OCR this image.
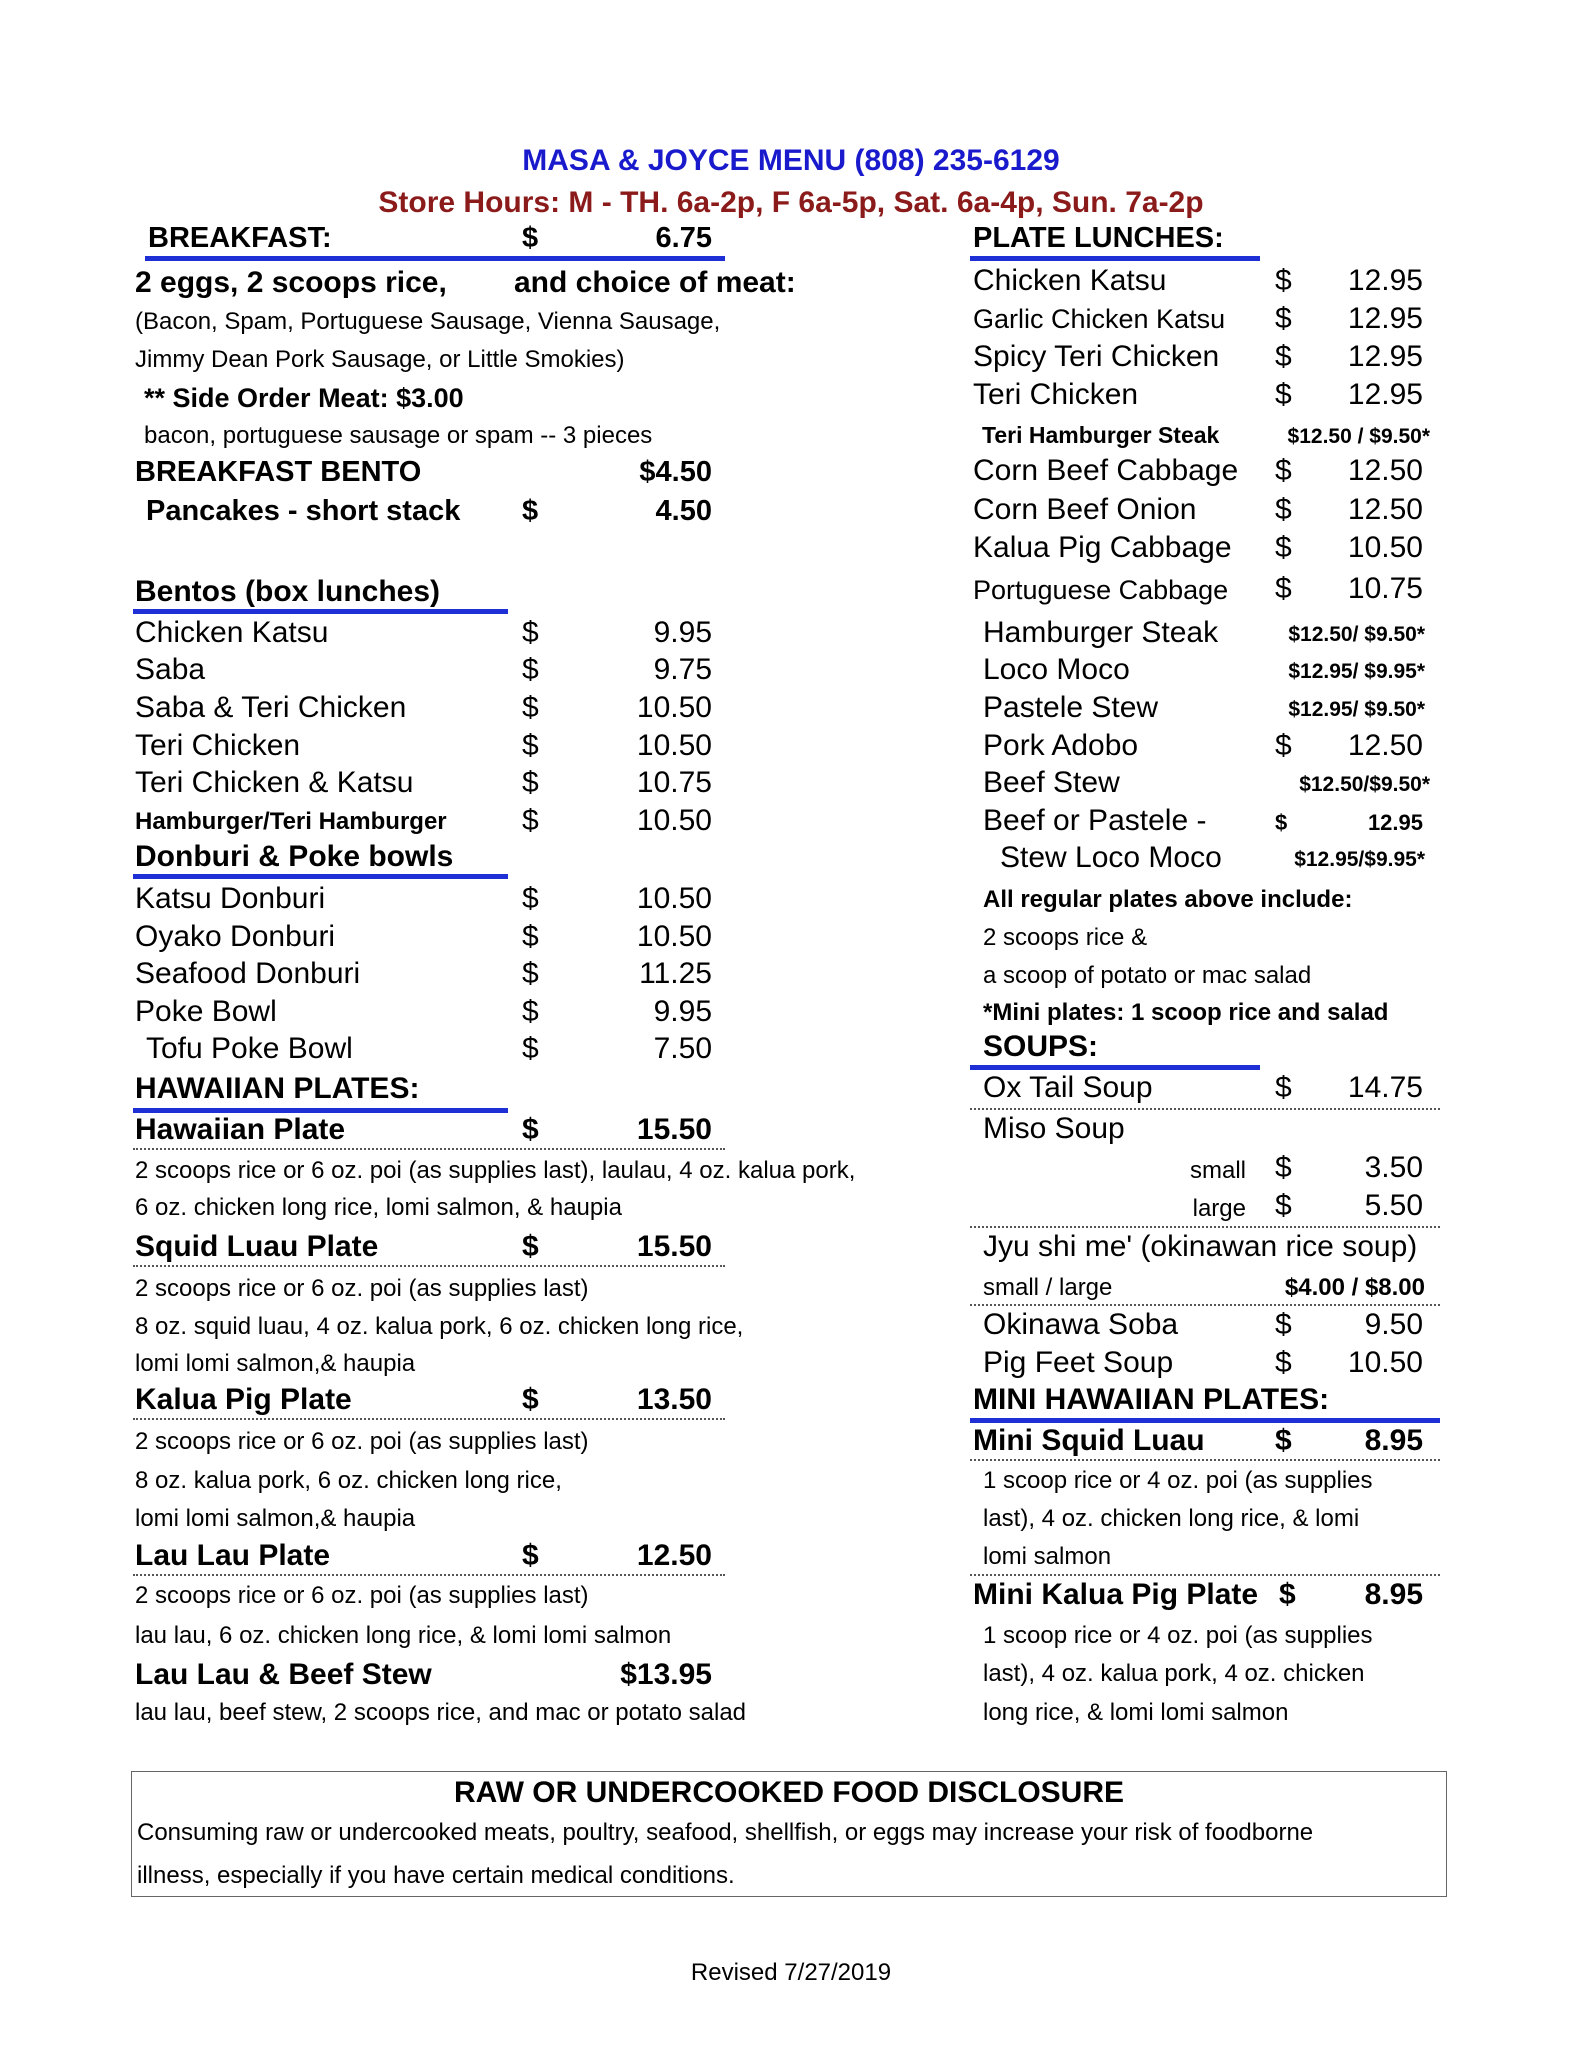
MASA & JOYCE MENU (808) 235-6129
Store Hours: M - TH. 6a-2p, F 6a-5p, Sat. 6a-4p, Sun. 7a-2p
BREAKFAST:	$	6.75
2 eggs, 2 scoops rice, and choice of meat:
(Bacon, Spam, Portuguese Sausage, Vienna Sausage,
Jimmy Dean Pork Sausage, or Little Smokies)
** Side Order Meat: $3.00
bacon, portuguese sausage or spam -- 3 pieces
BREAKFAST BENTO	$4.50
Pancakes - short stack $	4.50
Bentos (box lunches)
Chicken Katsu	$	9.95
Saba	$	9.75
Saba & Teri Chicken	$	10.50
Teri Chicken	$	10.50
Teri Chicken & Katsu	$	10.75
Hamburger/Teri Hamburger	$	10.50
Donburi & Poke bowls
Katsu Donburi	$	10.50
Oyako Donburi	$	10.50
Seafood Donburi	$	11.25
Poke Bowl	$	9.95
Tofu Poke Bowl	$	7.50
HAWAIIAN PLATES:
Hawaiian Plate	$	15.50
2 scoops rice or 6 oz. poi (as supplies last), laulau, 4 oz. kalua pork,
6 oz. chicken long rice, lomi salmon, & haupia
Squid Luau Plate	$	15.50
2 scoops rice or 6 oz. poi (as supplies last)
8 oz. squid luau, 4 oz. kalua pork, 6 oz. chicken long rice,
lomi lomi salmon,& haupia
Kalua Pig Plate	$	13.50
2 scoops rice or 6 oz. poi (as supplies last)
8 oz. kalua pork, 6 oz. chicken long rice,
lomi lomi salmon,& haupia
Lau Lau Plate	$	12.50
2 scoops rice or 6 oz. poi (as supplies last)
lau lau, 6 oz. chicken long rice, & lomi lomi salmon
Lau Lau & Beef Stew	$13.95
lau lau, beef stew, 2 scoops rice, and mac or potato salad
PLATE LUNCHES:
Chicken Katsu	$	12.95
Garlic Chicken Katsu $	12.95
Spicy Teri Chicken $	12.95
Teri Chicken	$	12.95
Teri Hamburger Steak	$12.50 / $9.50*
Corn Beef Cabbage $	12.50
Corn Beef Onion	$	12.50
Kalua Pig Cabbage $	10.50
Portuguese Cabbage $	10.75
Hamburger Steak	$12.50/ $9.50*
Loco Moco	$12.95/ $9.95*
Pastele Stew	$12.95/ $9.50*
Pork Adobo	$	12.50
Beef Stew	$12.50/$9.50*
Beef or Pastele -	$	12.95
Stew Loco Moco	$12.95/$9.95*
All regular plates above include:
2 scoops rice &
a scoop of potato or mac salad
*Mini plates: 1 scoop rice and salad
SOUPS:
Ox Tail Soup	$	14.75
Miso Soup
small $	3.50
large $	5.50
Jyu shi me' (okinawan rice soup)
small / large	$4.00 / $8.00
Okinawa Soba	$	9.50
Pig Feet Soup	$	10.50
MINI HAWAIIAN PLATES:
Mini Squid Luau $	8.95
1 scoop rice or 4 oz. poi (as supplies
last), 4 oz. chicken long rice, & lomi
lomi salmon
Mini Kalua Pig Plate $	8.95
1 scoop rice or 4 oz. poi (as supplies
last), 4 oz. kalua pork, 4 oz. chicken
long rice, & lomi lomi salmon
RAW OR UNDERCOOKED FOOD DISCLOSURE
Consuming raw or undercooked meats, poultry, seafood, shellfish, or eggs may increase your risk of foodborne
illness, especially if you have certain medical conditions.
Revised 7/27/2019
